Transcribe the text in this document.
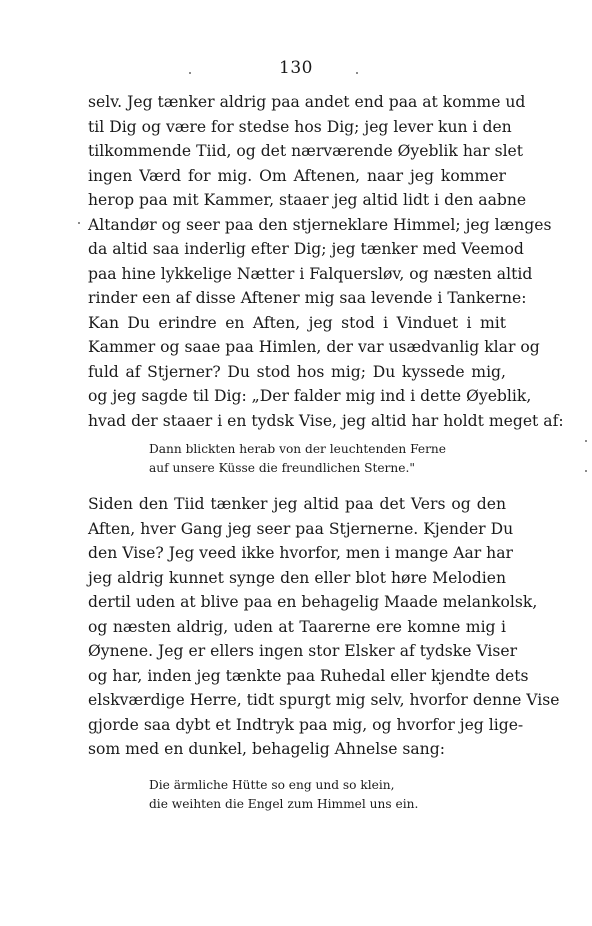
130
selv. Jeg tænker aldrig paa andet end paa at komme ud
til Dig og være for stedse hos Dig; jeg lever kun i den
tilkommende Tiid, og det nærværende Øyeblik har slet
ingen Værd for mig. Om Aftenen, naar jeg kommer
herop paa mit Kammer, staaer jeg altid lidt i den aabne
Altandør og seer paa den stjerneklare Himmel; jeg længes
da altid saa inderlig efter Dig; jeg tænker med Veemod
paa hine lykkelige Nætter i Falquersløv, og næsten altid
rinder een af disse Aftener mig saa levende i Tankerne:
Kan Du erindre en Aften, jeg stod i Vinduet i mit
Kammer og saae paa Himlen, der var usædvanlig klar og
fuld af Stjerner? Du stod hos mig; Du kyssede mig,
og jeg sagde til Dig: „Der falder mig ind i dette Øyeblik,
hvad der staaer i en tydsk Vise, jeg altid har holdt meget af:
Dann blickten herab von der leuchtenden Ferne
auf unsere Küsse die freundlichen Sterne."
Siden den Tiid tænker jeg altid paa det Vers og den
Aften, hver Gang jeg seer paa Stjernerne. Kjender Du
den Vise? Jeg veed ikke hvorfor, men i mange Aar har
jeg aldrig kunnet synge den eller blot høre Melodien
dertil uden at blive paa en behagelig Maade melankolsk,
og næsten aldrig, uden at Taarerne ere komne mig i
Øynene. Jeg er ellers ingen stor Elsker af tydske Viser
og har, inden jeg tænkte paa Ruhedal eller kjendte dets
elskværdige Herre, tidt spurgt mig selv, hvorfor denne Vise
gjorde saa dybt et Indtryk paa mig, og hvorfor jeg lige-
som med en dunkel, behagelig Ahnelse sang:
Die ärmliche Hütte so eng und so klein,
die weihten die Engel zum Himmel uns ein.
